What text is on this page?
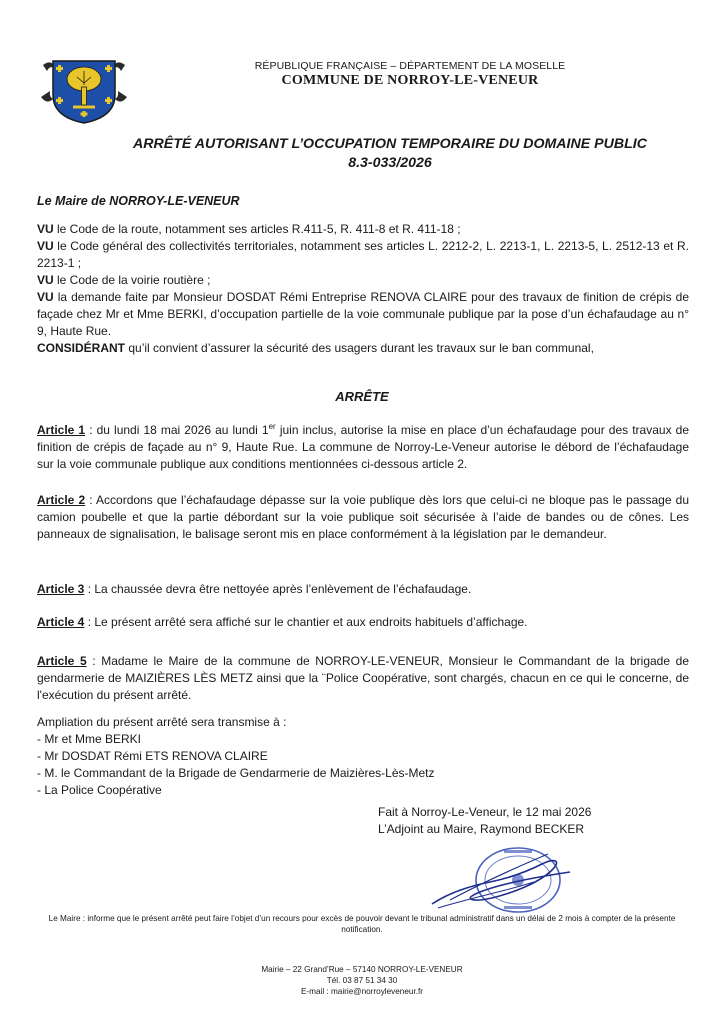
RÉPUBLIQUE FRANÇAISE – DÉPARTEMENT DE LA MOSELLE
COMMUNE DE NORROY-LE-VENEUR
ARRÊTÉ AUTORISANT L’OCCUPATION TEMPORAIRE DU DOMAINE PUBLIC
8.3-033/2026
Le Maire de NORROY-LE-VENEUR

VU le Code de la route, notamment ses articles R.411-5, R. 411-8 et R. 411-18 ;

VU le Code général des collectivités territoriales, notamment ses articles L. 2212-2, L. 2213-1, L. 2213-5, L. 2512-13 et R. 2213-1 ;

VU le Code de la voirie routière ;

VU la demande faite par Monsieur DOSDAT Rémi Entreprise RENOVA CLAIRE pour des travaux de finition de crépis de façade chez Mr et Mme BERKI, d’occupation partielle de la voie communale publique par la pose d’un échafaudage au n° 9, Haute Rue.

CONSIDÉRANT qu’il convient d’assurer la sécurité des usagers durant les travaux sur le ban communal,

ARRÊTE

Article 1 : du lundi 18 mai 2026 au lundi 1er juin inclus, autorise la mise en place d’un échafaudage pour des travaux de finition de crépis de façade au n° 9, Haute Rue. La commune de Norroy-Le-Veneur autorise le débord de l’échafaudage sur la voie communale publique aux conditions mentionnées ci-dessous article 2.

Article 2 : Accordons que l’échafaudage dépasse sur la voie publique dès lors que celui-ci ne bloque pas le passage du camion poubelle et que la partie débordant sur la voie publique soit sécurisée à l’aide de bandes ou de cônes. Les panneaux de signalisation, le balisage seront mis en place conformément à la législation par le demandeur.

Article 3 : La chaussée devra être nettoyée après l’enlèvement de l’échafaudage.

Article 4 : Le présent arrêté sera affiché sur le chantier et aux endroits habituels d’affichage.

Article 5 : Madame le Maire de la commune de NORROY-LE-VENEUR, Monsieur le Commandant de la brigade de gendarmerie de MAIZIÈRES LÈS METZ ainsi que la ¨Police Coopérative, sont chargés, chacun en ce qui le concerne, de l'exécution du présent arrêté.

Ampliation du présent arrêté sera transmise à :
- Mr et Mme BERKI
- Mr DOSDAT Rémi ETS RENOVA CLAIRE
- M. le Commandant de la Brigade de Gendarmerie de Maizières-Lès-Metz
- La Police Coopérative
Fait à Norroy-Le-Veneur, le 12 mai 2026
L’Adjoint au Maire, Raymond BECKER
Le Maire : informe que le présent arrêté peut faire l’objet d’un recours pour excès de pouvoir devant le tribunal administratif dans un délai de 2 mois à compter de la présente notification.
Mairie – 22 Grand’Rue – 57140 NORROY-LE-VENEUR
Tél. 03 87 51 34 30
E-mail : mairie@norroyleveneur.fr
